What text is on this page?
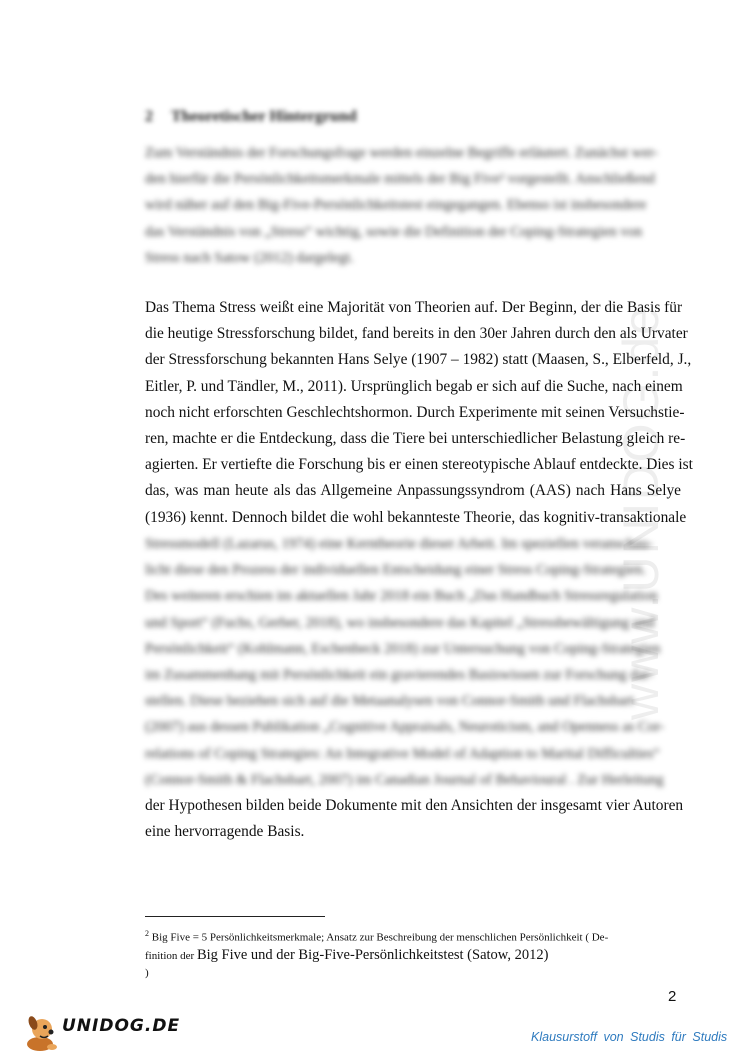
www.UNIDOG.de
2 Theoretischer Hintergrund
Zum Verständnis der Forschungsfrage werden einzelne Begriffe erläutert. Zunächst wer-
den hierfür die Persönlichkeitsmerkmale mittels der Big Five² vorgestellt. Anschließend
wird näher auf den Big-Five-Persönlichkeitstest eingegangen. Ebenso ist insbesondere
das Verständnis von „Stress“ wichtig, sowie die Definition der Coping-Strategien von
Stress nach Satow (2012) dargelegt.
Das Thema Stress weißt eine Majorität von Theorien auf. Der Beginn, der die Basis für
die heutige Stressforschung bildet, fand bereits in den 30er Jahren durch den als Urvater
der Stressforschung bekannten Hans Selye (1907 – 1982) statt (Maasen, S., Elberfeld, J.,
Eitler, P. und Tändler, M., 2011). Ursprünglich begab er sich auf die Suche, nach einem
noch nicht erforschten Geschlechtshormon. Durch Experimente mit seinen Versuchstie-
ren, machte er die Entdeckung, dass die Tiere bei unterschiedlicher Belastung gleich re-
agierten. Er vertiefte die Forschung bis er einen stereotypische Ablauf entdeckte. Dies ist
das, was man heute als das Allgemeine Anpassungssyndrom (AAS) nach Hans Selye
(1936) kennt. Dennoch bildet die wohl bekannteste Theorie, das kognitiv-transaktionale
Stressmodell (Lazarus, 1974) eine Kerntheorie dieser Arbeit. Im speziellen veranschau-
licht diese den Prozess der individuellen Entscheidung einer Stress Coping-Strategien.
Des weiteren erschien im aktuellen Jahr 2018 ein Buch „Das Handbuch Stressregulation
und Sport“ (Fuchs, Gerber, 2018), wo insbesondere das Kapitel „Stressbewältigung und
Persönlichkeit“ (Kohlmann, Eschenbeck 2018) zur Untersuchung von Coping-Strategien
im Zusammenhang mit Persönlichkeit ein gravierendes Basiswissen zur Forschung dar-
stellen. Diese beziehen sich auf die Metaanalysen von Connor-Smith und Flachsbart
(2007) aus dessen Publikation „Cognitive Appraisals, Neuroticism, and Openness as Cor-
relations of Coping Strategies: An Integrative Model of Adaption to Marital Difficulties“
(Connor-Smith & Flachsbart, 2007) im Canadian Journal of Behavioural . Zur Herleitung
der Hypothesen bilden beide Dokumente mit den Ansichten der insgesamt vier Autoren
eine hervorragende Basis.
$^2$ Big Five = 5 Persönlichkeitsmerkmale; Ansatz zur Beschreibung der menschlichen Persönlichkeit ( De-
finition der Big Five und der Big-Five-Persönlichkeitstest (Satow, 2012)
)
2
UNIDOG.DE
Klausurstoff von Studis für Studis
